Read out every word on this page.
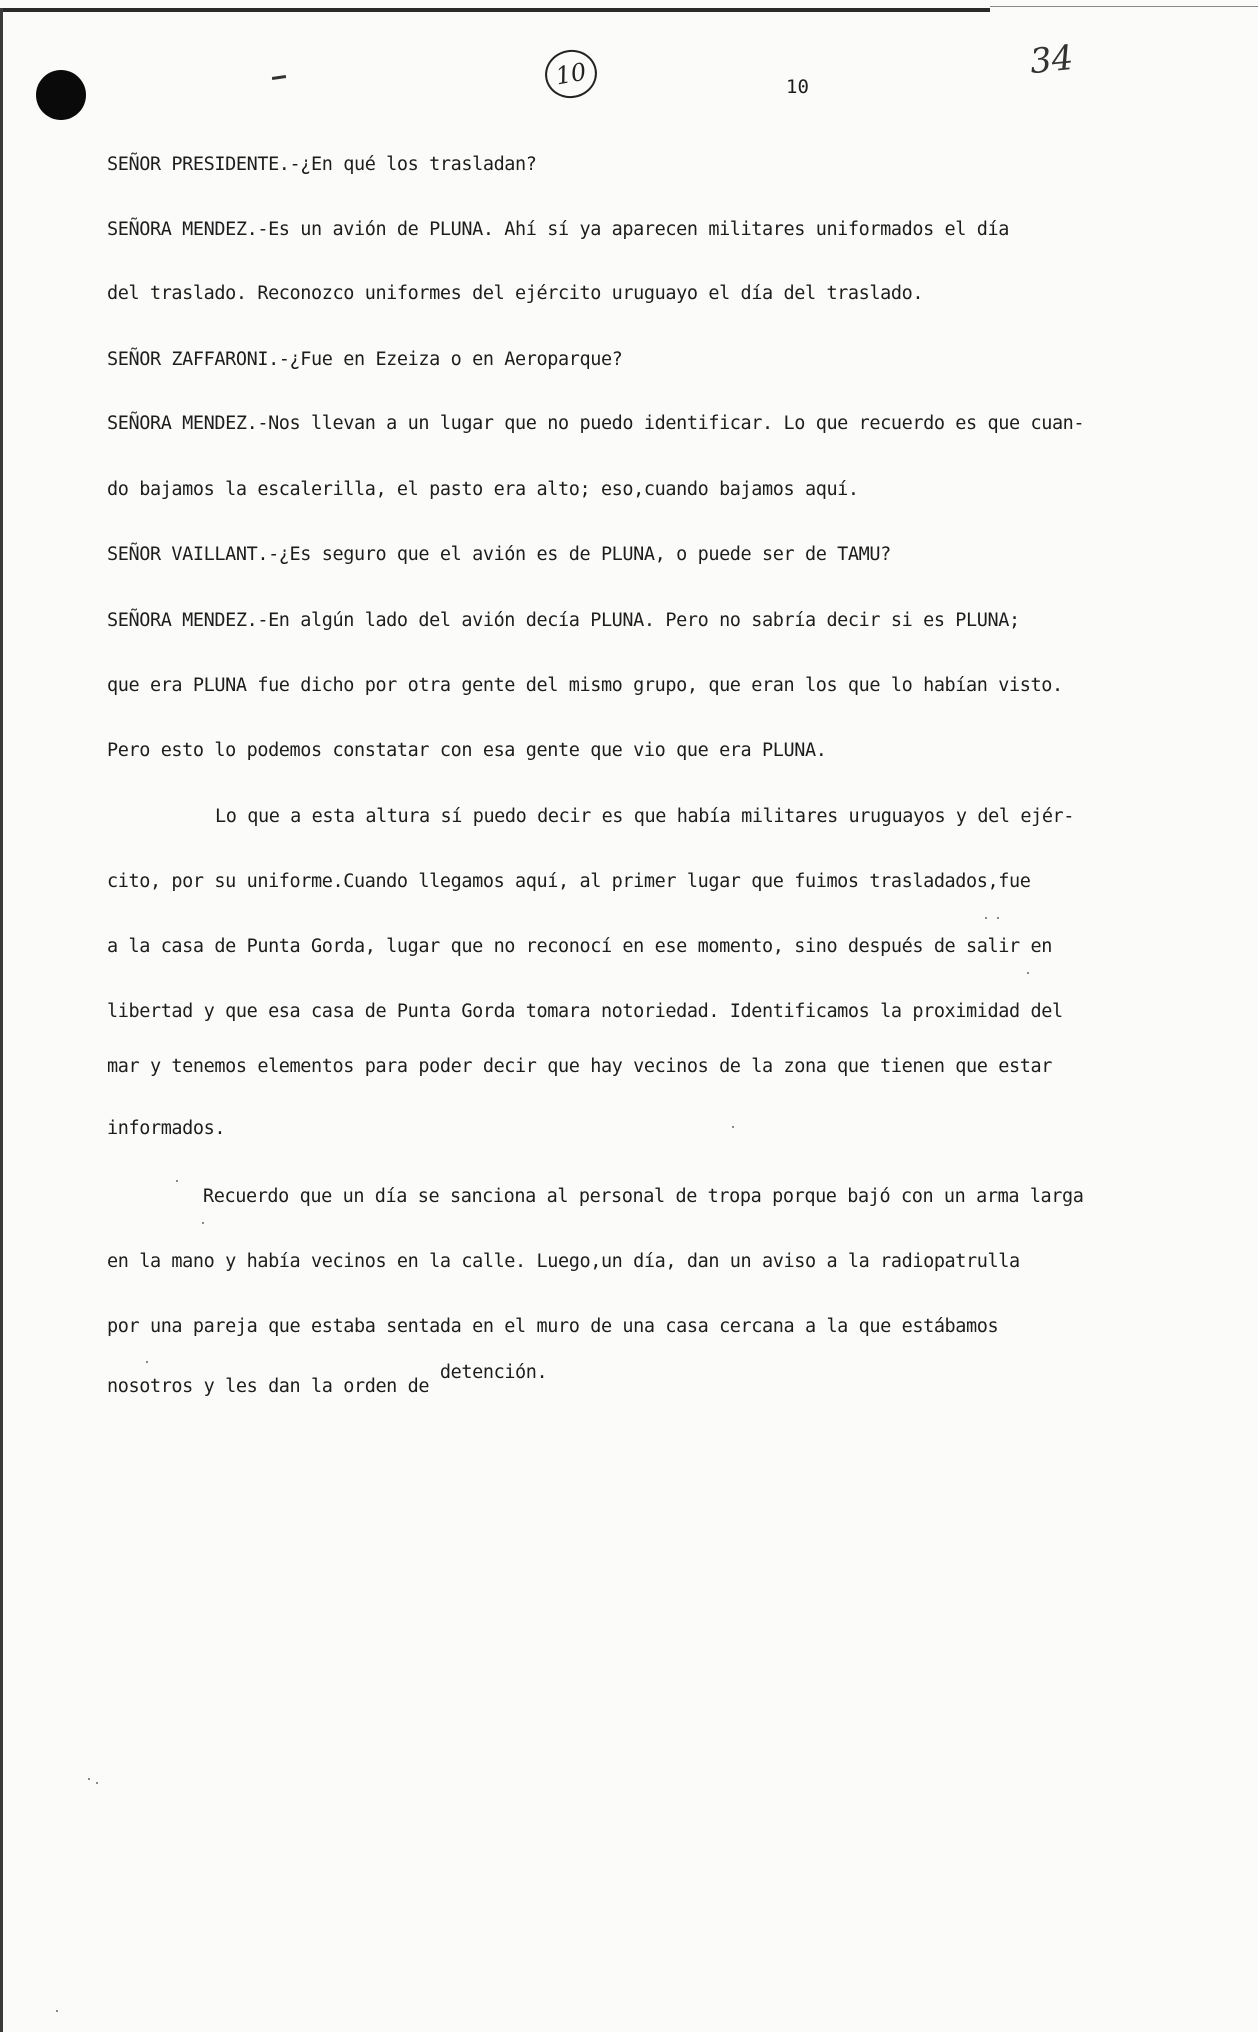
10	10
34
SEÑOR PRESIDENTE.-¿En qué los trasladan?
SEÑORA MENDEZ.-Es un avión de PLUNA. Ahí sí ya aparecen militares uniformados el día
del traslado. Reconozco uniformes del ejército uruguayo el día del traslado.
SEÑOR ZAFFARONI.-¿Fue en Ezeiza o en Aeroparque?
SEÑORA MENDEZ.-Nos llevan a un lugar que no puedo identificar. Lo que recuerdo es que cuan-
do bajamos la escalerilla, el pasto era alto; eso,cuando bajamos aquí.
SEÑOR VAILLANT.-¿Es seguro que el avión es de PLUNA, o puede ser de TAMU?
SEÑORA MENDEZ.-En algún lado del avión decía PLUNA. Pero no sabría decir si es PLUNA;
que era PLUNA fue dicho por otra gente del mismo grupo, que eran los que lo habían visto.
Pero esto lo podemos constatar con esa gente que vio que era PLUNA.
Lo que a esta altura sí puedo decir es que había militares uruguayos y del ejér-
cito, por su uniforme.Cuando llegamos aquí, al primer lugar que fuimos trasladados,fue
a la casa de Punta Gorda, lugar que no reconocí en ese momento, sino después de salir en
libertad y que esa casa de Punta Gorda tomara notoriedad. Identificamos la proximidad del
mar y tenemos elementos para poder decir que hay vecinos de la zona que tienen que estar
informados.
Recuerdo que un día se sanciona al personal de tropa porque bajó con un arma larga
en la mano y había vecinos en la calle. Luego,un día, dan un aviso a la radiopatrulla
por una pareja que estaba sentada en el muro de una casa cercana a la que estábamos
nosotros y les dan la orden de detención.
